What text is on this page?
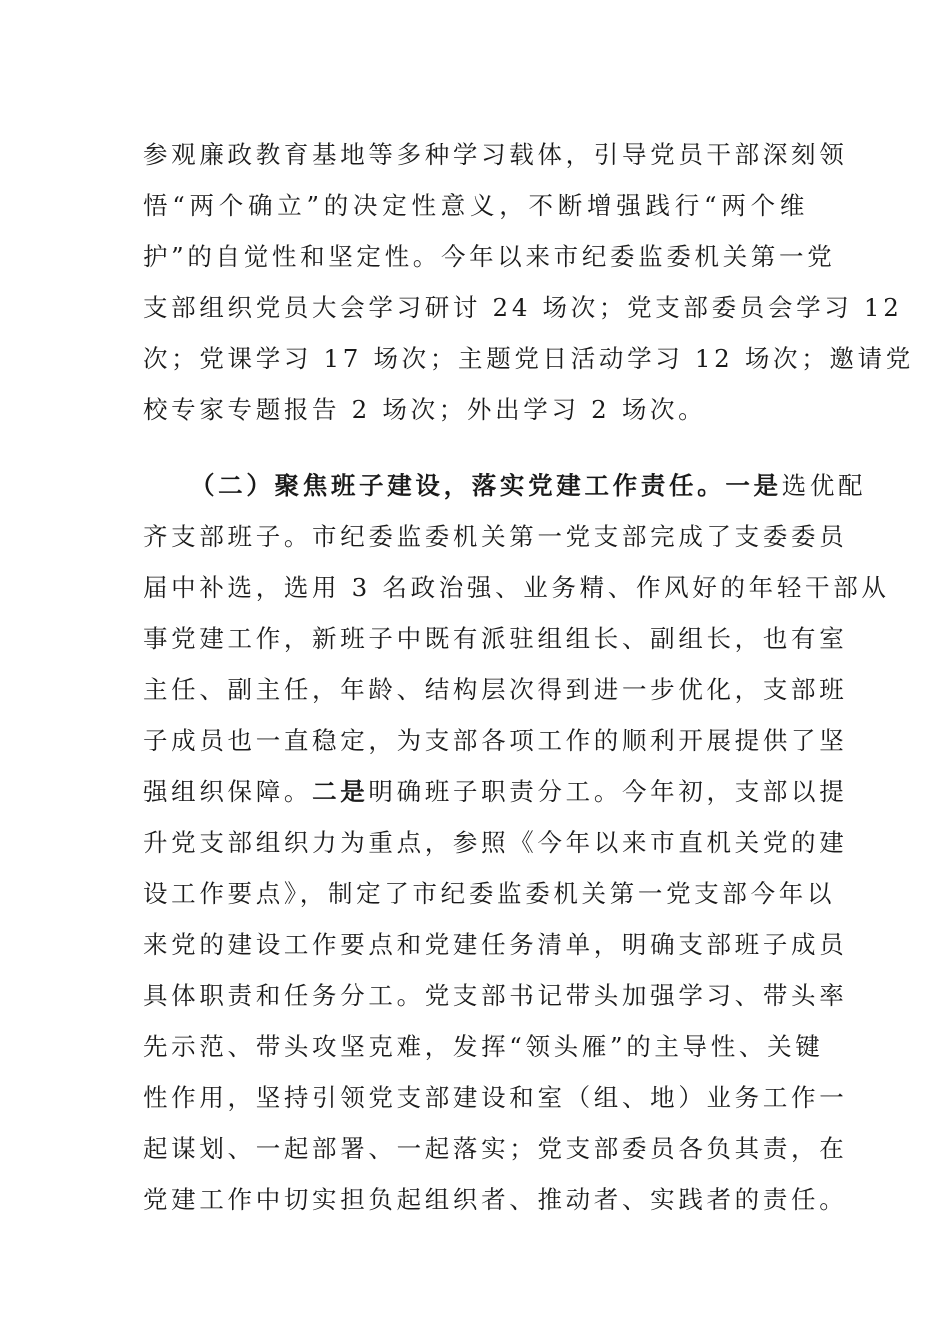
参观廉政教育基地等多种学习载体，引导党员干部深刻领
悟“两个确立”的决定性意义，不断增强践行“两个维
护”的自觉性和坚定性。今年以来市纪委监委机关第一党
支部组织党员大会学习研讨 24 场次；党支部委员会学习 12
次；党课学习 17 场次；主题党日活动学习 12 场次；邀请党
校专家专题报告 2 场次；外出学习 2 场次。
（二）聚焦班子建设，落实党建工作责任。一是选优配
齐支部班子。市纪委监委机关第一党支部完成了支委委员
届中补选，选用 3 名政治强、业务精、作风好的年轻干部从
事党建工作，新班子中既有派驻组组长、副组长，也有室
主任、副主任，年龄、结构层次得到进一步优化，支部班
子成员也一直稳定，为支部各项工作的顺利开展提供了坚
强组织保障。二是明确班子职责分工。今年初，支部以提
升党支部组织力为重点，参照《今年以来市直机关党的建
设工作要点》，制定了市纪委监委机关第一党支部今年以
来党的建设工作要点和党建任务清单，明确支部班子成员
具体职责和任务分工。党支部书记带头加强学习、带头率
先示范、带头攻坚克难，发挥“领头雁”的主导性、关键
性作用，坚持引领党支部建设和室（组、地）业务工作一
起谋划、一起部署、一起落实；党支部委员各负其责，在
党建工作中切实担负起组织者、推动者、实践者的责任。
